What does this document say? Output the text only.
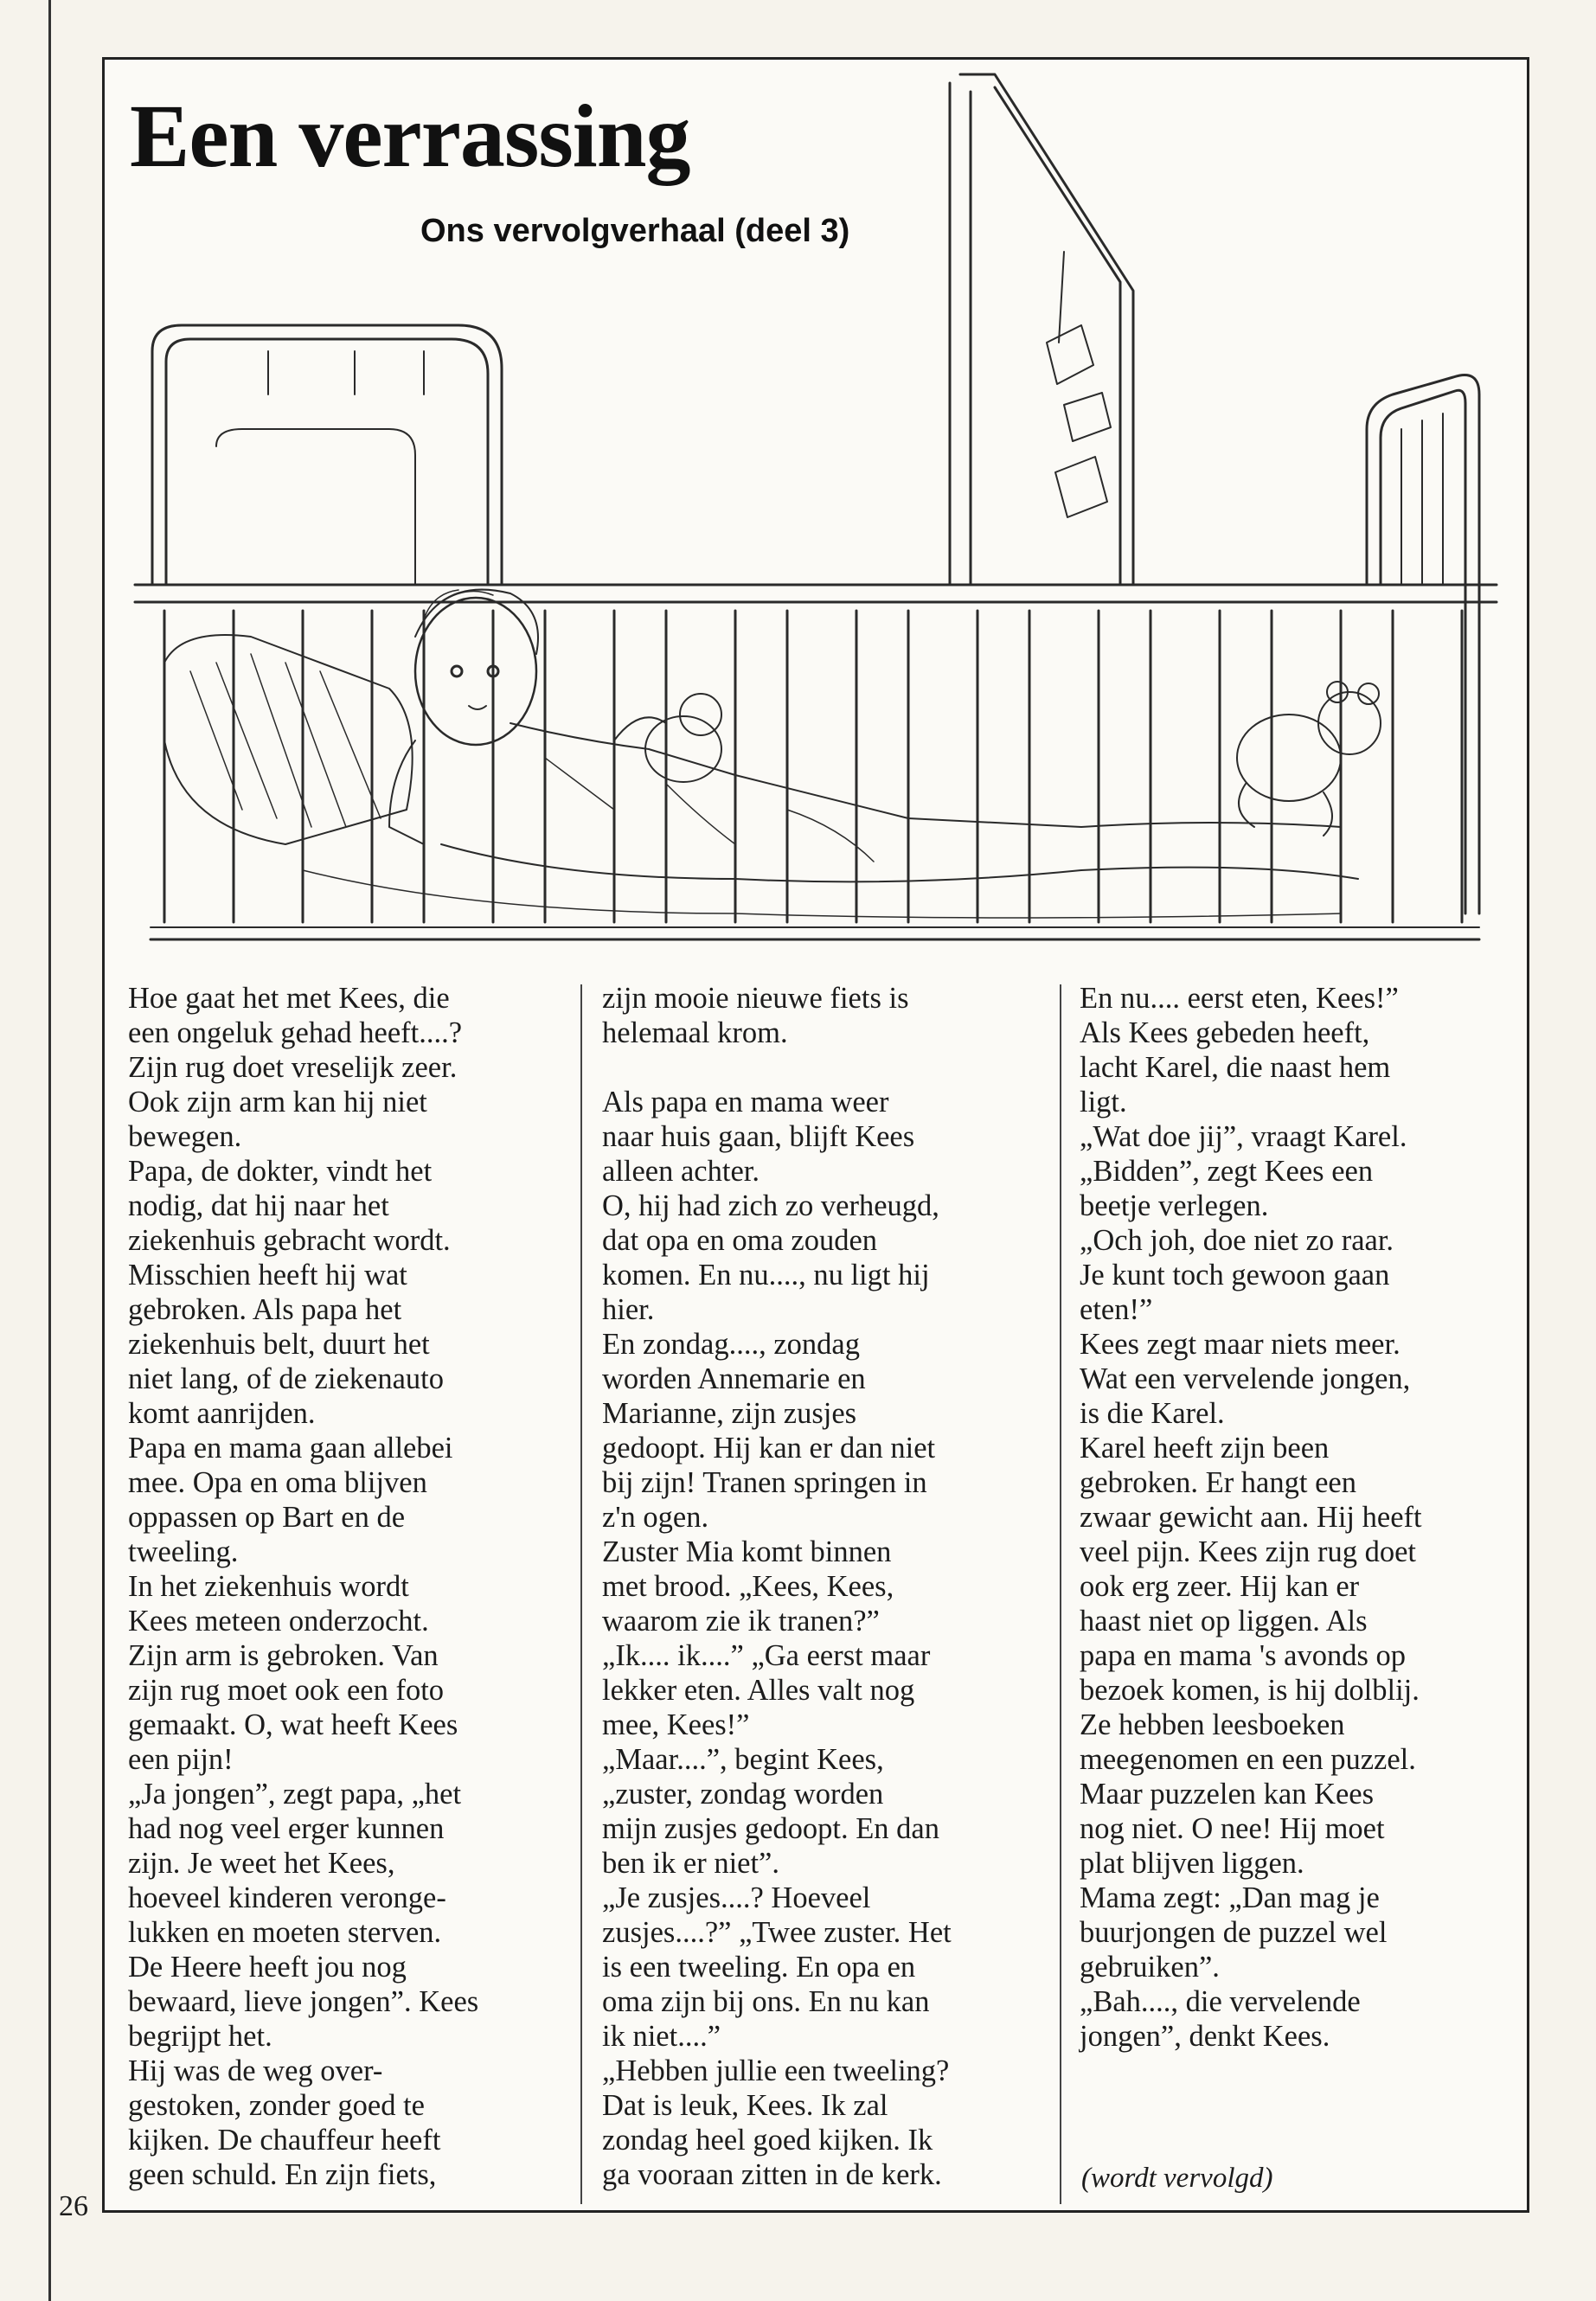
Een verrassing
Ons vervolgverhaal (deel 3)

Hoe gaat het met Kees, die
een ongeluk gehad heeft....?
Zijn rug doet vreselijk zeer.
Ook zijn arm kan hij niet
bewegen.
Papa, de dokter, vindt het
nodig, dat hij naar het
ziekenhuis gebracht wordt.
Misschien heeft hij wat
gebroken. Als papa het
ziekenhuis belt, duurt het
niet lang, of de ziekenauto
komt aanrijden.
Papa en mama gaan allebei
mee. Opa en oma blijven
oppassen op Bart en de
tweeling.
In het ziekenhuis wordt
Kees meteen onderzocht.
Zijn arm is gebroken. Van
zijn rug moet ook een foto
gemaakt. O, wat heeft Kees
een pijn!
„Ja jongen”, zegt papa, „het
had nog veel erger kunnen
zijn. Je weet het Kees,
hoeveel kinderen veronge-
lukken en moeten sterven.
De Heere heeft jou nog
bewaard, lieve jongen”. Kees
begrijpt het.
Hij was de weg over-
gestoken, zonder goed te
kijken. De chauffeur heeft
geen schuld. En zijn fiets,

zijn mooie nieuwe fiets is
helemaal krom.

Als papa en mama weer
naar huis gaan, blijft Kees
alleen achter.
O, hij had zich zo verheugd,
dat opa en oma zouden
komen. En nu...., nu ligt hij
hier.
En zondag...., zondag
worden Annemarie en
Marianne, zijn zusjes
gedoopt. Hij kan er dan niet
bij zijn! Tranen springen in
z'n ogen.
Zuster Mia komt binnen
met brood. „Kees, Kees,
waarom zie ik tranen?”
„Ik.... ik....” „Ga eerst maar
lekker eten. Alles valt nog
mee, Kees!”
„Maar....”, begint Kees,
„zuster, zondag worden
mijn zusjes gedoopt. En dan
ben ik er niet”.
„Je zusjes....? Hoeveel
zusjes....?” „Twee zuster. Het
is een tweeling. En opa en
oma zijn bij ons. En nu kan
ik niet....”
„Hebben jullie een tweeling?
Dat is leuk, Kees. Ik zal
zondag heel goed kijken. Ik
ga vooraan zitten in de kerk.

En nu.... eerst eten, Kees!”
Als Kees gebeden heeft,
lacht Karel, die naast hem
ligt.
„Wat doe jij”, vraagt Karel.
„Bidden”, zegt Kees een
beetje verlegen.
„Och joh, doe niet zo raar.
Je kunt toch gewoon gaan
eten!”
Kees zegt maar niets meer.
Wat een vervelende jongen,
is die Karel.
Karel heeft zijn been
gebroken. Er hangt een
zwaar gewicht aan. Hij heeft
veel pijn. Kees zijn rug doet
ook erg zeer. Hij kan er
haast niet op liggen. Als
papa en mama 's avonds op
bezoek komen, is hij dolblij.
Ze hebben leesboeken
meegenomen en een puzzel.
Maar puzzelen kan Kees
nog niet. O nee! Hij moet
plat blijven liggen.
Mama zegt: „Dan mag je
buurjongen de puzzel wel
gebruiken”.
„Bah...., die vervelende
jongen”, denkt Kees.

(wordt vervolgd)

26
